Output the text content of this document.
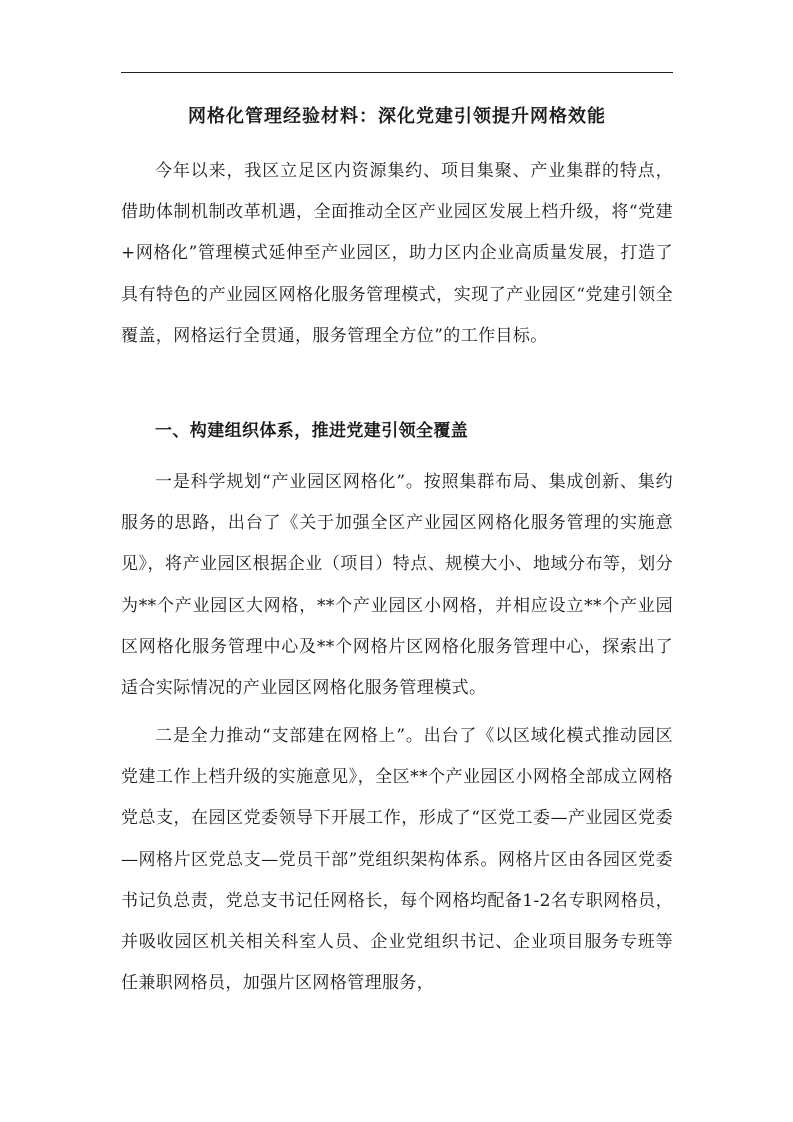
网格化管理经验材料：深化党建引领提升网格效能

今年以来，我区立足区内资源集约、项目集聚、产业集群的特点，借助体制机制改革机遇，全面推动全区产业园区发展上档升级，将“党建+网格化”管理模式延伸至产业园区，助力区内企业高质量发展，打造了具有特色的产业园区网格化服务管理模式，实现了产业园区“党建引领全覆盖，网格运行全贯通，服务管理全方位”的工作目标。

一、构建组织体系，推进党建引领全覆盖

一是科学规划“产业园区网格化”。按照集群布局、集成创新、集约服务的思路，出台了《关于加强全区产业园区网格化服务管理的实施意见》，将产业园区根据企业（项目）特点、规模大小、地域分布等，划分为**个产业园区大网格，**个产业园区小网格，并相应设立**个产业园区网格化服务管理中心及**个网格片区网格化服务管理中心，探索出了适合实际情况的产业园区网格化服务管理模式。

二是全力推动“支部建在网格上”。出台了《以区域化模式推动园区党建工作上档升级的实施意见》，全区**个产业园区小网格全部成立网格党总支，在园区党委领导下开展工作，形成了“区党工委—产业园区党委—网格片区党总支—党员干部”党组织架构体系。网格片区由各园区党委书记负总责，党总支书记任网格长，每个网格均配备1-2名专职网格员，并吸收园区机关相关科室人员、企业党组织书记、企业项目服务专班等任兼职网格员，加强片区网格管理服务，
